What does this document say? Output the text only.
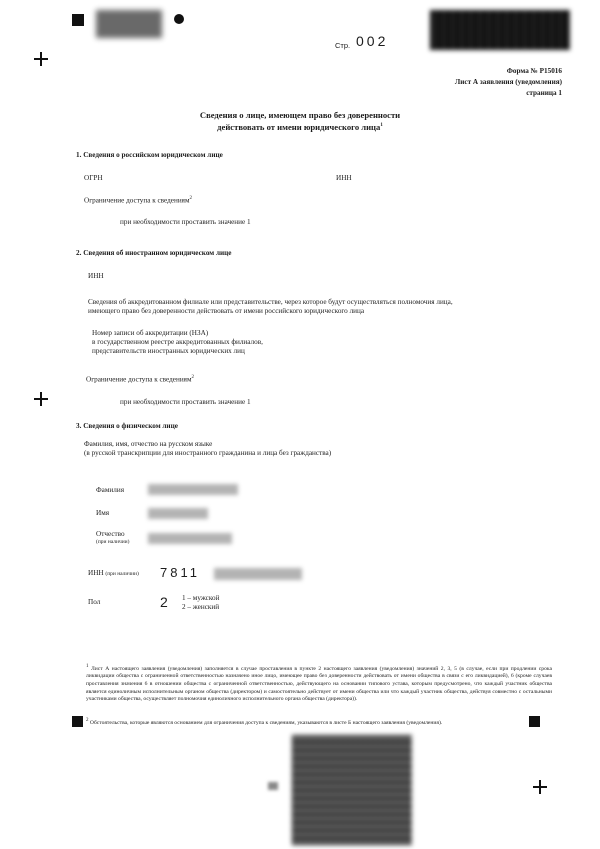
Стр. 002
Форма № Р15016
Лист А заявления (уведомления)
страница 1
Сведения о лице, имеющем право без доверенности
действовать от имени юридического лица$^1$
1. Сведения о российском юридическом лице
ОГРН	ИНН
Ограничение доступа к сведениям$^2$
при необходимости проставить значение 1
2. Сведения об иностранном юридическом лице
ИНН
Сведения об аккредитованном филиале или представительстве, через которое будут осуществляться полномочия лица,
имеющего право без доверенности действовать от имени российского юридического лица
Номер записи об аккредитации (НЗА)
в государственном реестре аккредитованных филиалов,
представительств иностранных юридических лиц
Ограничение доступа к сведениям$^2$
при необходимости проставить значение 1
3. Сведения о физическом лице
Фамилия, имя, отчество на русском языке
(в русской транскрипции для иностранного гражданина и лица без гражданства)
Фамилия
Имя
Отчество
(при наличии)
ИНН (при наличии) 7811
Пол	2 1 – мужской
2 – женский
$^1$ Лист А настоящего заявления (уведомления) заполняется в случае проставления в пункте 2 настоящего заявления (уведомления) значений 2, 3, 5 (в случае, если при продлении срока ликвидации общества с ограниченной ответственностью назначено иное лицо, имеющее право без доверенности действовать от имени общества в связи с его ликвидацией), 6 (кроме случаев проставления значения 6 в отношении общества с ограниченной ответственностью, действующего на основании типового устава, которым предусмотрено, что каждый участник общества является единоличным исполнительным органом общества (директором) и самостоятельно действует от имени общества или что каждый участник общества, действуя совместно с остальными участниками общества, осуществляет полномочия единоличного исполнительного органа общества (директора)).
$^2$ Обстоятельства, которые являются основанием для ограничения доступа к сведениям, указываются в листе Б настоящего заявления (уведомления).
